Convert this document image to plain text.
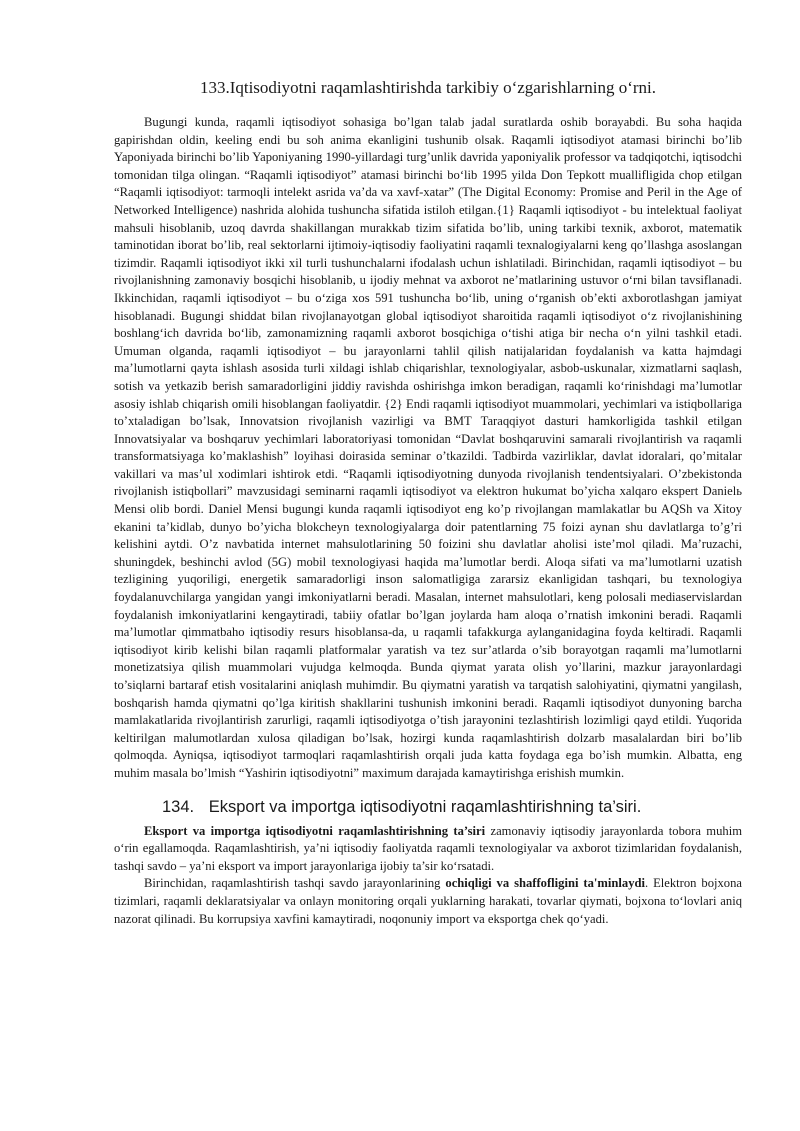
133.Iqtisodiyotni raqamlashtirishda tarkibiy o‘zgarishlarning o‘rni.

Bugungi kunda, raqamli iqtisodiyot sohasiga bo’lgan talab jadal suratlarda oshib borayabdi. Bu soha haqida gapirishdan oldin, keeling endi bu soh anima ekanligini tushunib olsak. Raqamli iqtisodiyot atamasi birinchi bo’lib Yaponiyada birinchi bo’lib Yaponiyaning 1990-yillardagi turg’unlik davrida yaponiyalik professor va tadqiqotchi, iqtisodchi tomonidan tilga olingan. “Raqamli iqtisodiyot” atamasi birinchi bo‘lib 1995 yilda Don Tepkott muallifligida chop etilgan “Raqamli iqtisodiyot: tarmoqli intelekt asrida va’da va xavf-xatar” (The Digital Economy: Promise and Peril in the Age of Networked Intelligence) nashrida alohida tushuncha sifatida istiloh etilgan.{1} Raqamli iqtisodiyot - bu intelektual faoliyat mahsuli hisoblanib, uzoq davrda shakillangan murakkab tizim sifatida bo’lib, uning tarkibi texnik, axborot, matematik taminotidan iborat bo’lib, real sektorlarni ijtimoiy-iqtisodiy faoliyatini raqamli texnalogiyalarni keng qo’llashga asoslangan tizimdir. Raqamli iqtisodiyot ikki xil turli tushunchalarni ifodalash uchun ishlatiladi. Birinchidan, raqamli iqtisodiyot – bu rivojlanishning zamonaviy bosqichi hisoblanib, u ijodiy mehnat va axborot ne’matlarining ustuvor o‘rni bilan tavsiflanadi. Ikkinchidan, raqamli iqtisodiyot – bu o‘ziga xos 591 tushuncha bo‘lib, uning o‘rganish ob’ekti axborotlashgan jamiyat hisoblanadi. Bugungi shiddat bilan rivojlanayotgan global iqtisodiyot sharoitida raqamli iqtisodiyot o‘z rivojlanishining boshlang‘ich davrida bo‘lib, zamonamizning raqamli axborot bosqichiga o‘tishi atiga bir necha o‘n yilni tashkil etadi. Umuman olganda, raqamli iqtisodiyot – bu jarayonlarni tahlil qilish natijalaridan foydalanish va katta hajmdagi ma’lumotlarni qayta ishlash asosida turli xildagi ishlab chiqarishlar, texnologiyalar, asbob-uskunalar, xizmatlarni saqlash, sotish va yetkazib berish samaradorligini jiddiy ravishda oshirishga imkon beradigan, raqamli ko‘rinishdagi ma’lumotlar asosiy ishlab chiqarish omili hisoblangan faoliyatdir. {2} Endi raqamli iqtisodiyot muammolari, yechimlari va istiqbollariga to’xtaladigan bo’lsak, Innovatsion rivojlanish vazirligi va BMT Taraqqiyot dasturi hamkorligida tashkil etilgan Innovatsiyalar va boshqaruv yechimlari laboratoriyasi tomonidan “Davlat boshqaruvini samarali rivojlantirish va raqamli transformatsiyaga ko’maklashish” loyihasi doirasida seminar o’tkazildi. Tadbirda vazirliklar, davlat idoralari, qo’mitalar vakillari va mas’ul xodimlari ishtirok etdi. “Raqamli iqtisodiyotning dunyoda rivojlanish tendentsiyalari. O’zbekistonda rivojlanish istiqbollari” mavzusidagi seminarni raqamli iqtisodiyot va elektron hukumat bo’yicha xalqaro ekspert Danielь Mensi olib bordi. Daniel Mensi bugungi kunda raqamli iqtisodiyot eng ko’p rivojlangan mamlakatlar bu AQSh va Xitoy ekanini ta’kidlab, dunyo bo’yicha blokcheyn texnologiyalarga doir patentlarning 75 foizi aynan shu davlatlarga to’g’ri kelishini aytdi. O’z navbatida internet mahsulotlarining 50 foizini shu davlatlar aholisi iste’mol qiladi. Ma’ruzachi, shuningdek, beshinchi avlod (5G) mobil texnologiyasi haqida ma’lumotlar berdi. Aloqa sifati va ma’lumotlarni uzatish tezligining yuqoriligi, energetik samaradorligi inson salomatligiga zararsiz ekanligidan tashqari, bu texnologiya foydalanuvchilarga yangidan yangi imkoniyatlarni beradi. Masalan, internet mahsulotlari, keng polosali mediaservislardan foydalanish imkoniyatlarini kengaytiradi, tabiiy ofatlar bo’lgan joylarda ham aloqa o’rnatish imkonini beradi. Raqamli ma’lumotlar qimmatbaho iqtisodiy resurs hisoblansa-da, u raqamli tafakkurga aylanganidagina foyda keltiradi. Raqamli iqtisodiyot kirib kelishi bilan raqamli platformalar yaratish va tez sur’atlarda o’sib borayotgan raqamli ma’lumotlarni monetizatsiya qilish muammolari vujudga kelmoqda. Bunda qiymat yarata olish yo’llarini, mazkur jarayonlardagi to’siqlarni bartaraf etish vositalarini aniqlash muhimdir. Bu qiymatni yaratish va tarqatish salohiyatini, qiymatni yangilash, boshqarish hamda qiymatni qo’lga kiritish shakllarini tushunish imkonini beradi. Raqamli iqtisodiyot dunyoning barcha mamlakatlarida rivojlantirish zarurligi, raqamli iqtisodiyotga o’tish jarayonini tezlashtirish lozimligi qayd etildi. Yuqorida keltirilgan malumotlardan xulosa qiladigan bo’lsak, hozirgi kunda raqamlashtirish dolzarb masalalardan biri bo’lib qolmoqda. Ayniqsa, iqtisodiyot tarmoqlari raqamlashtirish orqali juda katta foydaga ega bo’ish mumkin. Albatta, eng muhim masala bo’lmish “Yashirin iqtisodiyotni” maximum darajada kamaytirishga erishish mumkin.

134. Eksport va importga iqtisodiyotni raqamlashtirishning ta’siri.

Eksport va importga iqtisodiyotni raqamlashtirishning ta’siri zamonaviy iqtisodiy jarayonlarda tobora muhim o‘rin egallamoqda. Raqamlashtirish, ya’ni iqtisodiy faoliyatda raqamli texnologiyalar va axborot tizimlaridan foydalanish, tashqi savdo – ya’ni eksport va import jarayonlariga ijobiy ta’sir ko‘rsatadi.

Birinchidan, raqamlashtirish tashqi savdo jarayonlarining ochiqligi va shaffofligini ta'minlaydi. Elektron bojxona tizimlari, raqamli deklaratsiyalar va onlayn monitoring orqali yuklarning harakati, tovarlar qiymati, bojxona to‘lovlari aniq nazorat qilinadi. Bu korrupsiya xavfini kamaytiradi, noqonuniy import va eksportga chek qo‘yadi.
